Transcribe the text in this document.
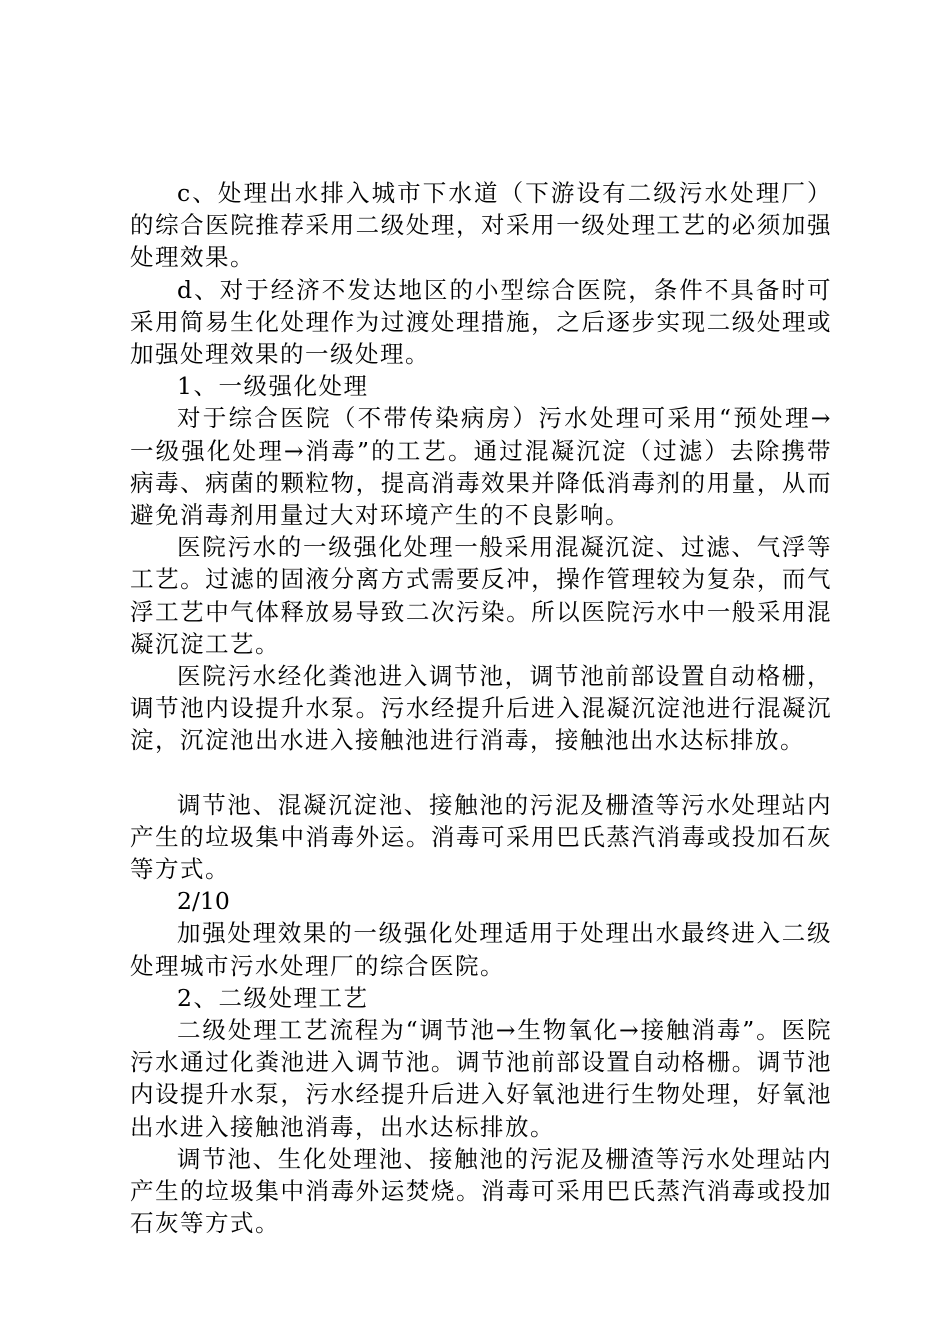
c、处理出水排入城市下水道（下游设有二级污水处理厂）的综合医院推荐采用二级处理，对采用一级处理工艺的必须加强处理效果。

d、对于经济不发达地区的小型综合医院，条件不具备时可采用简易生化处理作为过渡处理措施，之后逐步实现二级处理或加强处理效果的一级处理。

1、一级强化处理

对于综合医院（不带传染病房）污水处理可采用“预处理→一级强化处理→消毒”的工艺。通过混凝沉淀（过滤）去除携带病毒、病菌的颗粒物，提高消毒效果并降低消毒剂的用量，从而避免消毒剂用量过大对环境产生的不良影响。

医院污水的一级强化处理一般采用混凝沉淀、过滤、气浮等工艺。过滤的固液分离方式需要反冲，操作管理较为复杂，而气浮工艺中气体释放易导致二次污染。所以医院污水中一般采用混凝沉淀工艺。

医院污水经化粪池进入调节池，调节池前部设置自动格栅，调节池内设提升水泵。污水经提升后进入混凝沉淀池进行混凝沉淀，沉淀池出水进入接触池进行消毒，接触池出水达标排放。

调节池、混凝沉淀池、接触池的污泥及栅渣等污水处理站内产生的垃圾集中消毒外运。消毒可采用巴氏蒸汽消毒或投加石灰等方式。

2/10

加强处理效果的一级强化处理适用于处理出水最终进入二级处理城市污水处理厂的综合医院。

2、二级处理工艺

二级处理工艺流程为“调节池→生物氧化→接触消毒”。医院污水通过化粪池进入调节池。调节池前部设置自动格栅。调节池内设提升水泵，污水经提升后进入好氧池进行生物处理，好氧池出水进入接触池消毒，出水达标排放。

调节池、生化处理池、接触池的污泥及栅渣等污水处理站内产生的垃圾集中消毒外运焚烧。消毒可采用巴氏蒸汽消毒或投加石灰等方式。
